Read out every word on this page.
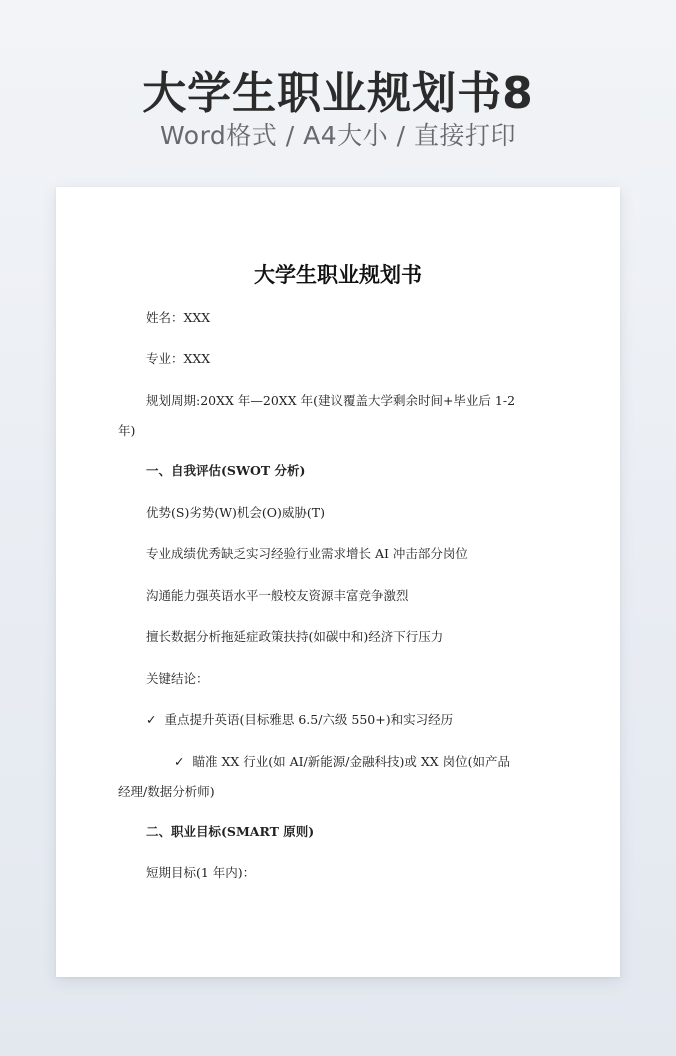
大学生职业规划书8
Word格式 / A4大小 / 直接打印
大学生职业规划书
姓名：XXX
专业：XXX
规划周期:20XX 年—20XX 年(建议覆盖大学剩余时间+毕业后 1-2 年)
一、自我评估(SWOT 分析)
优势(S)劣势(W)机会(O)威胁(T)
专业成绩优秀缺乏实习经验行业需求增长 AI 冲击部分岗位
沟通能力强英语水平一般校友资源丰富竞争激烈
擅长数据分析拖延症政策扶持(如碳中和)经济下行压力
关键结论：
✓ 重点提升英语(目标雅思 6.5/六级 550+)和实习经历
✓ 瞄准 XX 行业(如 AI/新能源/金融科技)或 XX 岗位(如产品经理/数据分析师)
二、职业目标(SMART 原则)
短期目标(1 年内)：
